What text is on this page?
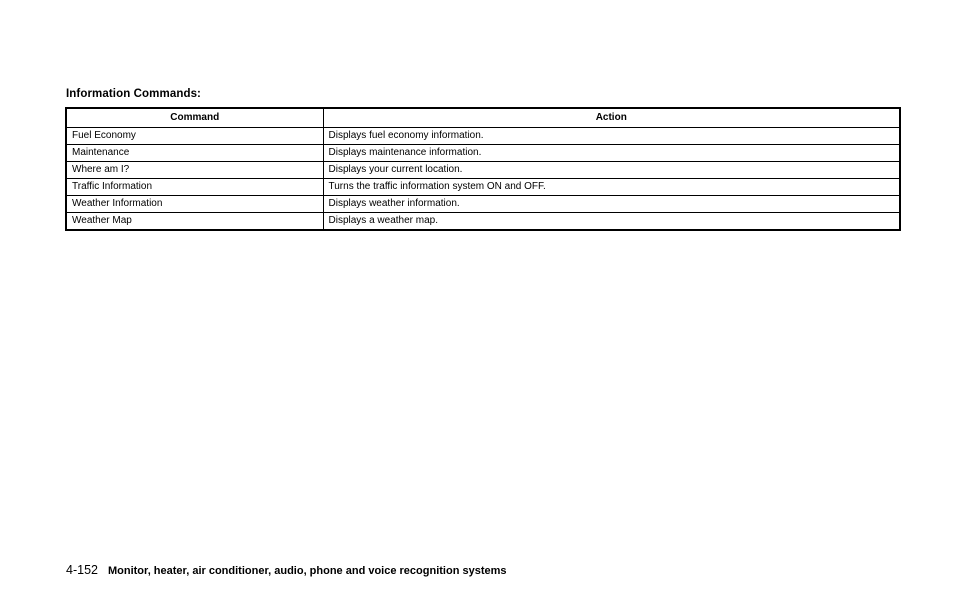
Information Commands:
Command	Action
Fuel Economy	Displays fuel economy information.
Maintenance	Displays maintenance information.
Where am I?	Displays your current location.
Traffic Information	Turns the traffic information system ON and OFF.
Weather Information	Displays weather information.
Weather Map	Displays a weather map.
4-152 Monitor, heater, air conditioner, audio, phone and voice recognition systems
